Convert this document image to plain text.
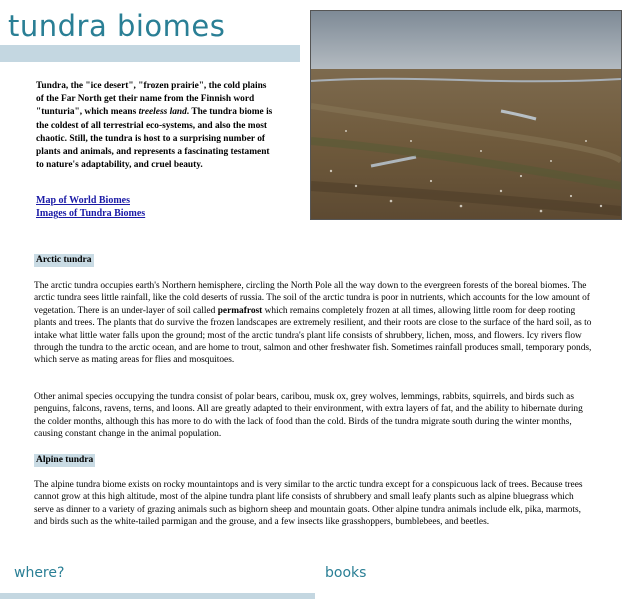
tundra biomes

Tundra, the "ice desert", "frozen prairie", the cold plains of the Far North get their name from the Finnish word "tunturia", which means treeless land. The tundra biome is the coldest of all terrestrial eco-systems, and also the most chaotic. Still, the tundra is host to a surprising number of plants and animals, and represents a fascinating testament to nature's adaptability, and cruel beauty.

Map of World Biomes
Images of Tundra Biomes
Arctic tundra

The arctic tundra occupies earth's Northern hemisphere, circling the North Pole all the way down to the evergreen forests of the boreal biomes. The arctic tundra sees little rainfall, like the cold deserts of russia. The soil of the arctic tundra is poor in nutrients, which accounts for the low amount of vegetation. There is an under-layer of soil called permafrost which remains completely frozen at all times, allowing little room for deep rooting plants and trees. The plants that do survive the frozen landscapes are extremely resilient, and their roots are close to the surface of the hard soil, as to intake what little water falls upon the ground; most of the arctic tundra's plant life consists of shrubbery, lichen, moss, and flowers. Icy rivers flow through the tundra to the arctic ocean, and are home to trout, salmon and other freshwater fish. Sometimes rainfall produces small, temporary ponds, which serve as mating areas for flies and mosquitoes.

Other animal species occupying the tundra consist of polar bears, caribou, musk ox, grey wolves, lemmings, rabbits, squirrels, and birds such as penguins, falcons, ravens, terns, and loons. All are greatly adapted to their environment, with extra layers of fat, and the ability to hibernate during the colder months, although this has more to do with the lack of food than the cold. Birds of the tundra migrate south during the winter months, causing constant change in the animal population.

Alpine tundra

The alpine tundra biome exists on rocky mountaintops and is very similar to the arctic tundra except for a conspicuous lack of trees. Because trees cannot grow at this high altitude, most of the alpine tundra plant life consists of shrubbery and small leafy plants such as alpine bluegrass which serve as dinner to a variety of grazing animals such as bighorn sheep and mountain goats. Other alpine tundra animals include elk, pika, marmots, and birds such as the white-tailed parmigan and the grouse, and a few insects like grasshoppers, bumblebees, and beetles.

where?	books
